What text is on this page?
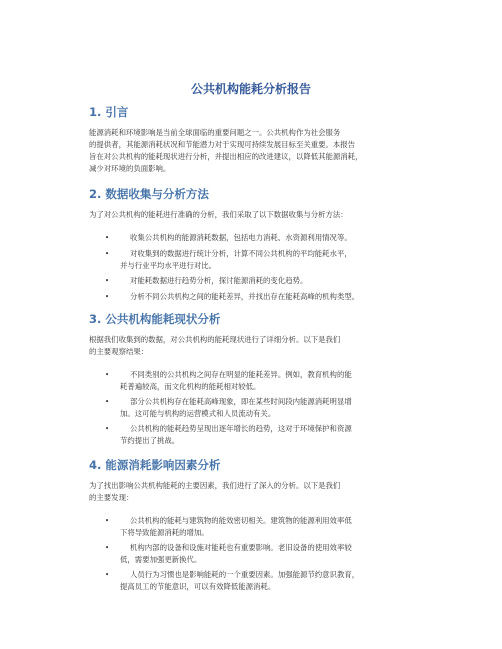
公共机构能耗分析报告
1. 引言

能源消耗和环境影响是当前全球面临的重要问题之一。公共机构作为社会服务
的提供者，其能源消耗状况和节能潜力对于实现可持续发展目标至关重要。本报告
旨在对公共机构的能耗现状进行分析，并提出相应的改进建议，以降低其能源消耗，
减少对环境的负面影响。

2. 数据收集与分析方法

为了对公共机构的能耗进行准确的分析，我们采取了以下数据收集与分析方法：

•	收集公共机构的能源消耗数据，包括电力消耗、水资源利用情况等。
•	对收集到的数据进行统计分析，计算不同公共机构的平均能耗水平，
并与行业平均水平进行对比。
•	对能耗数据进行趋势分析，探讨能源消耗的变化趋势。
•	分析不同公共机构之间的能耗差异，并找出存在能耗高峰的机构类型。
3. 公共机构能耗现状分析

根据我们收集到的数据，对公共机构的能耗现状进行了详细分析。以下是我们
的主要观察结果：

•	不同类别的公共机构之间存在明显的能耗差异。例如，教育机构的能
耗普遍较高，而文化机构的能耗相对较低。
•	部分公共机构存在能耗高峰现象，即在某些时间段内能源消耗明显增
加。这可能与机构的运营模式和人员流动有关。
•	公共机构的能耗趋势呈现出逐年增长的趋势，这对于环境保护和资源
节约提出了挑战。
4. 能源消耗影响因素分析

为了找出影响公共机构能耗的主要因素，我们进行了深入的分析。以下是我们
的主要发现：

•	公共机构的能耗与建筑物的能效密切相关。建筑物的能源利用效率低
下将导致能源消耗的增加。
•	机构内部的设备和设施对能耗也有重要影响。老旧设备的使用效率较
低，需要加强更新换代。
•	人员行为习惯也是影响能耗的一个重要因素。加强能源节约意识教育，
提高员工的节能意识，可以有效降低能源消耗。
